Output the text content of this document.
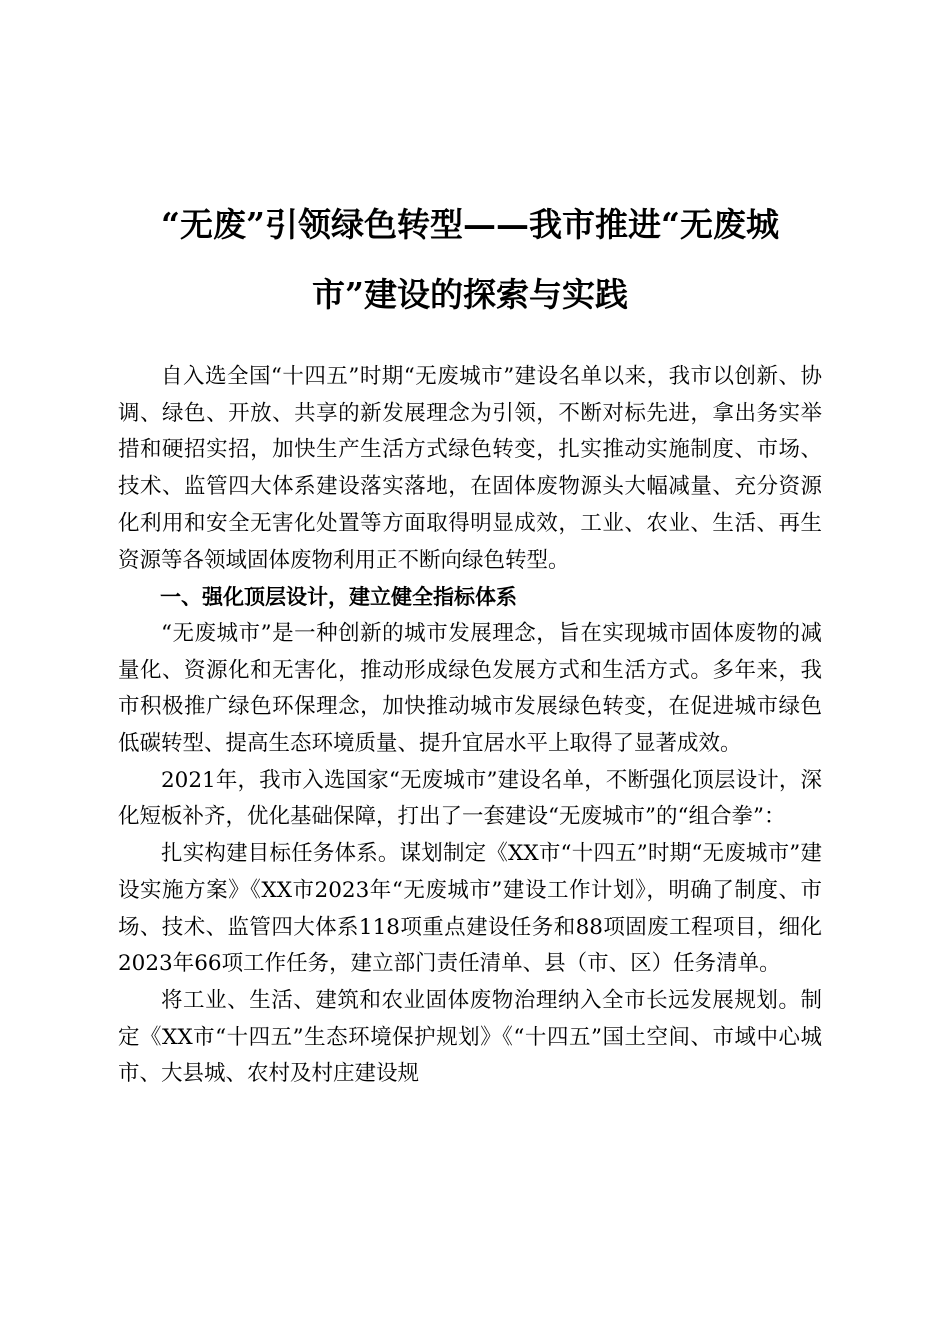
“无废”引领绿色转型——我市推进“无废城
市”建设的探索与实践

自入选全国“十四五”时期“无废城市”建设名单以来，我市以创新、协调、绿色、开放、共享的新发展理念为引领，不断对标先进，拿出务实举措和硬招实招，加快生产生活方式绿色转变，扎实推动实施制度、市场、技术、监管四大体系建设落实落地，在固体废物源头大幅减量、充分资源化利用和安全无害化处置等方面取得明显成效，工业、农业、生活、再生资源等各领域固体废物利用正不断向绿色转型。

一、强化顶层设计，建立健全指标体系

“无废城市”是一种创新的城市发展理念，旨在实现城市固体废物的减量化、资源化和无害化，推动形成绿色发展方式和生活方式。多年来，我市积极推广绿色环保理念，加快推动城市发展绿色转变，在促进城市绿色低碳转型、提高生态环境质量、提升宜居水平上取得了显著成效。

2021年，我市入选国家“无废城市”建设名单，不断强化顶层设计，深化短板补齐，优化基础保障，打出了一套建设“无废城市”的“组合拳”：

扎实构建目标任务体系。谋划制定《XX市“十四五”时期“无废城市”建设实施方案》《XX市2023年“无废城市”建设工作计划》，明确了制度、市场、技术、监管四大体系118项重点建设任务和88项固废工程项目，细化2023年66项工作任务，建立部门责任清单、县（市、区）任务清单。

将工业、生活、建筑和农业固体废物治理纳入全市长远发展规划。制定《XX市“十四五”生态环境保护规划》《“十四五”国土空间、市域中心城市、大县城、农村及村庄建设规
